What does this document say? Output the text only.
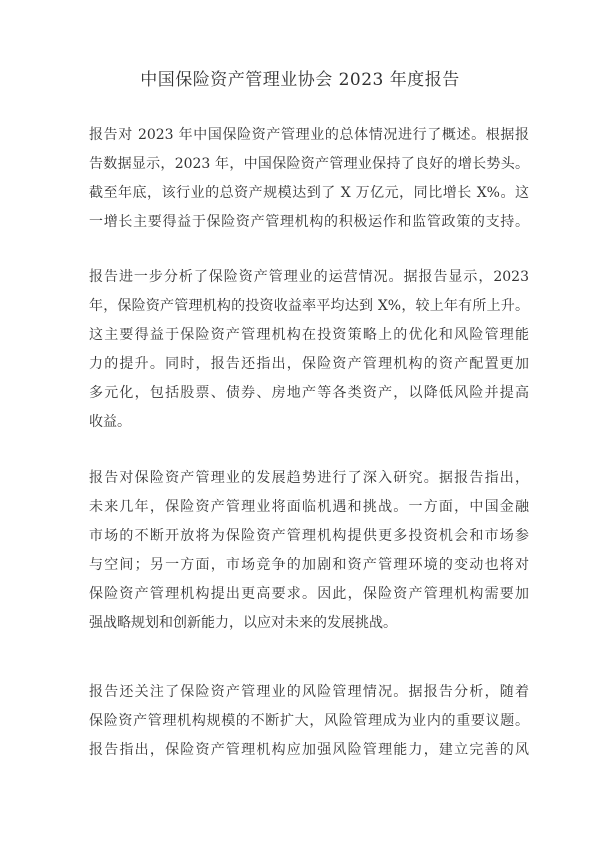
中国保险资产管理业协会 2023 年度报告
报告对 2023 年中国保险资产管理业的总体情况进行了概述。根据报
告数据显示，2023 年，中国保险资产管理业保持了良好的增长势头。
截至年底，该行业的总资产规模达到了 X 万亿元，同比增长 X%。这
一增长主要得益于保险资产管理机构的积极运作和监管政策的支持。
报告进一步分析了保险资产管理业的运营情况。据报告显示，2023
年，保险资产管理机构的投资收益率平均达到 X%，较上年有所上升。
这主要得益于保险资产管理机构在投资策略上的优化和风险管理能
力的提升。同时，报告还指出，保险资产管理机构的资产配置更加
多元化，包括股票、债券、房地产等各类资产，以降低风险并提高
收益。
报告对保险资产管理业的发展趋势进行了深入研究。据报告指出，
未来几年，保险资产管理业将面临机遇和挑战。一方面，中国金融
市场的不断开放将为保险资产管理机构提供更多投资机会和市场参
与空间；另一方面，市场竞争的加剧和资产管理环境的变动也将对
保险资产管理机构提出更高要求。因此，保险资产管理机构需要加
强战略规划和创新能力，以应对未来的发展挑战。
报告还关注了保险资产管理业的风险管理情况。据报告分析，随着
保险资产管理机构规模的不断扩大，风险管理成为业内的重要议题。
报告指出，保险资产管理机构应加强风险管理能力，建立完善的风
